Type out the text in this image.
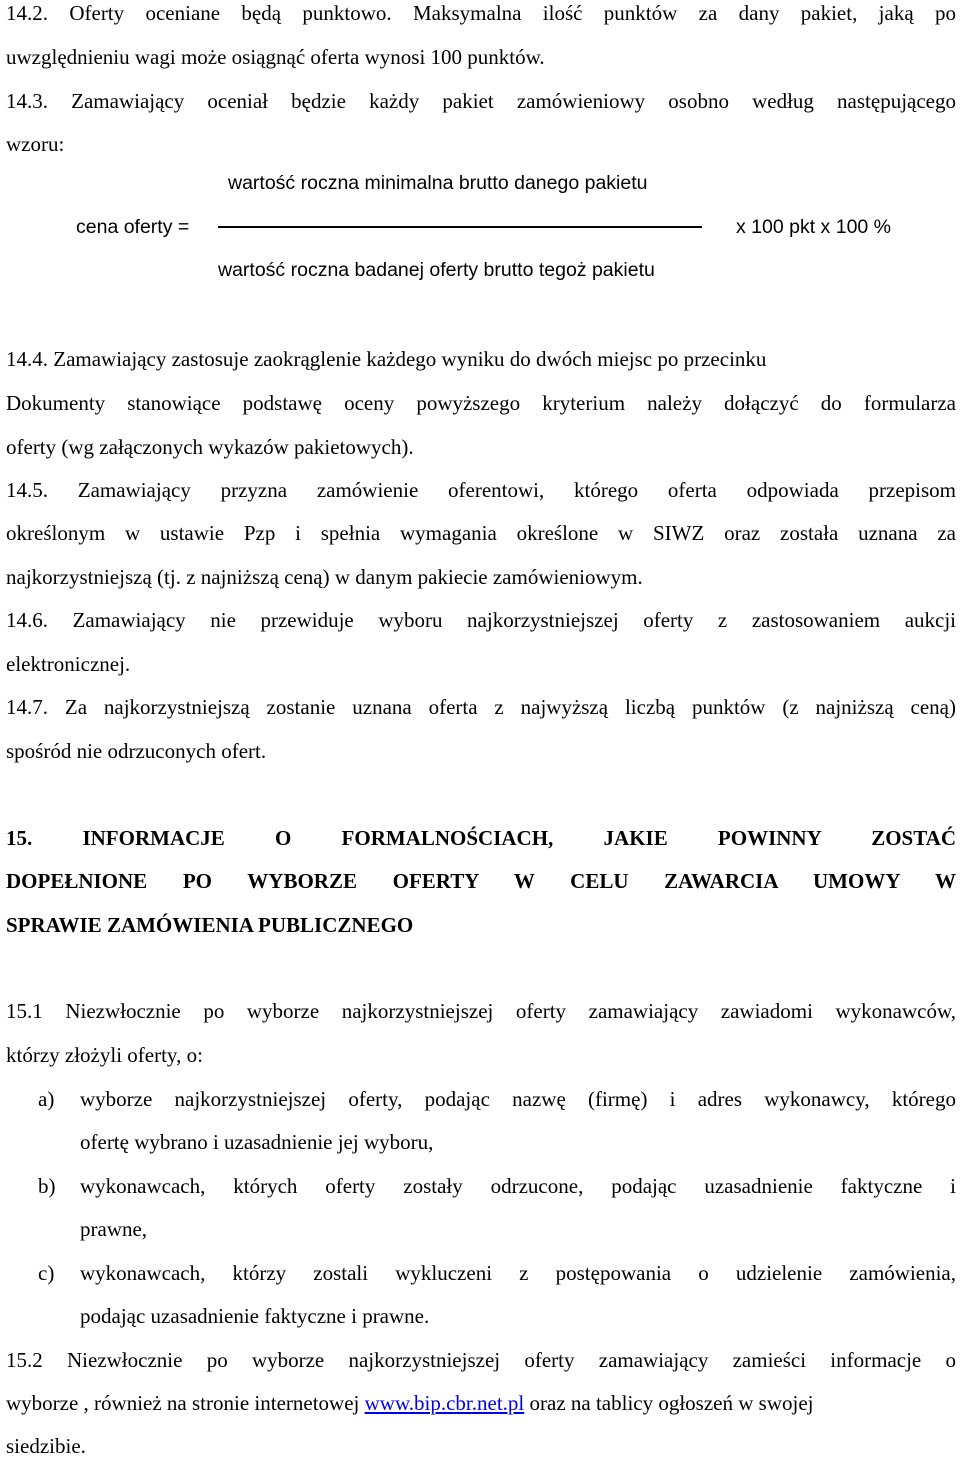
14.2. Oferty oceniane będą punktowo. Maksymalna ilość punktów za dany pakiet, jaką po
uwzględnieniu wagi może osiągnąć oferta wynosi 100 punktów.
14.3. Zamawiający oceniał będzie każdy pakiet zamówieniowy osobno według następującego
wzoru:
wartość roczna minimalna brutto danego pakietu
cena oferty =	x 100 pkt x 100 %
wartość roczna badanej oferty brutto tegoż pakietu
14.4. Zamawiający zastosuje zaokrąglenie każdego wyniku do dwóch miejsc po przecinku
Dokumenty stanowiące podstawę oceny powyższego kryterium należy dołączyć do formularza
oferty (wg załączonych wykazów pakietowych).
14.5. Zamawiający przyzna zamówienie oferentowi, którego oferta odpowiada przepisom
określonym w ustawie Pzp i spełnia wymagania określone w SIWZ oraz została uznana za
najkorzystniejszą (tj. z najniższą ceną) w danym pakiecie zamówieniowym.
14.6. Zamawiający nie przewiduje wyboru najkorzystniejszej oferty z zastosowaniem aukcji
elektronicznej.
14.7. Za najkorzystniejszą zostanie uznana oferta z najwyższą liczbą punktów (z najniższą ceną)
spośród nie odrzuconych ofert.
15. INFORMACJE O FORMALNOŚCIACH, JAKIE POWINNY ZOSTAĆ
DOPEŁNIONE PO WYBORZE OFERTY W CELU ZAWARCIA UMOWY W
SPRAWIE ZAMÓWIENIA PUBLICZNEGO
15.1 Niezwłocznie po wyborze najkorzystniejszej oferty zamawiający zawiadomi wykonawców,
którzy złożyli oferty, o:
a) wyborze najkorzystniejszej oferty, podając nazwę (firmę) i adres wykonawcy, którego
ofertę wybrano i uzasadnienie jej wyboru,
b) wykonawcach, których oferty zostały odrzucone, podając uzasadnienie faktyczne i
prawne,
c) wykonawcach, którzy zostali wykluczeni z postępowania o udzielenie zamówienia,
podając uzasadnienie faktyczne i prawne.
15.2 Niezwłocznie po wyborze najkorzystniejszej oferty zamawiający zamieści informacje o
wyborze , również na stronie internetowej www.bip.cbr.net.pl oraz na tablicy ogłoszeń w swojej
siedzibie.
